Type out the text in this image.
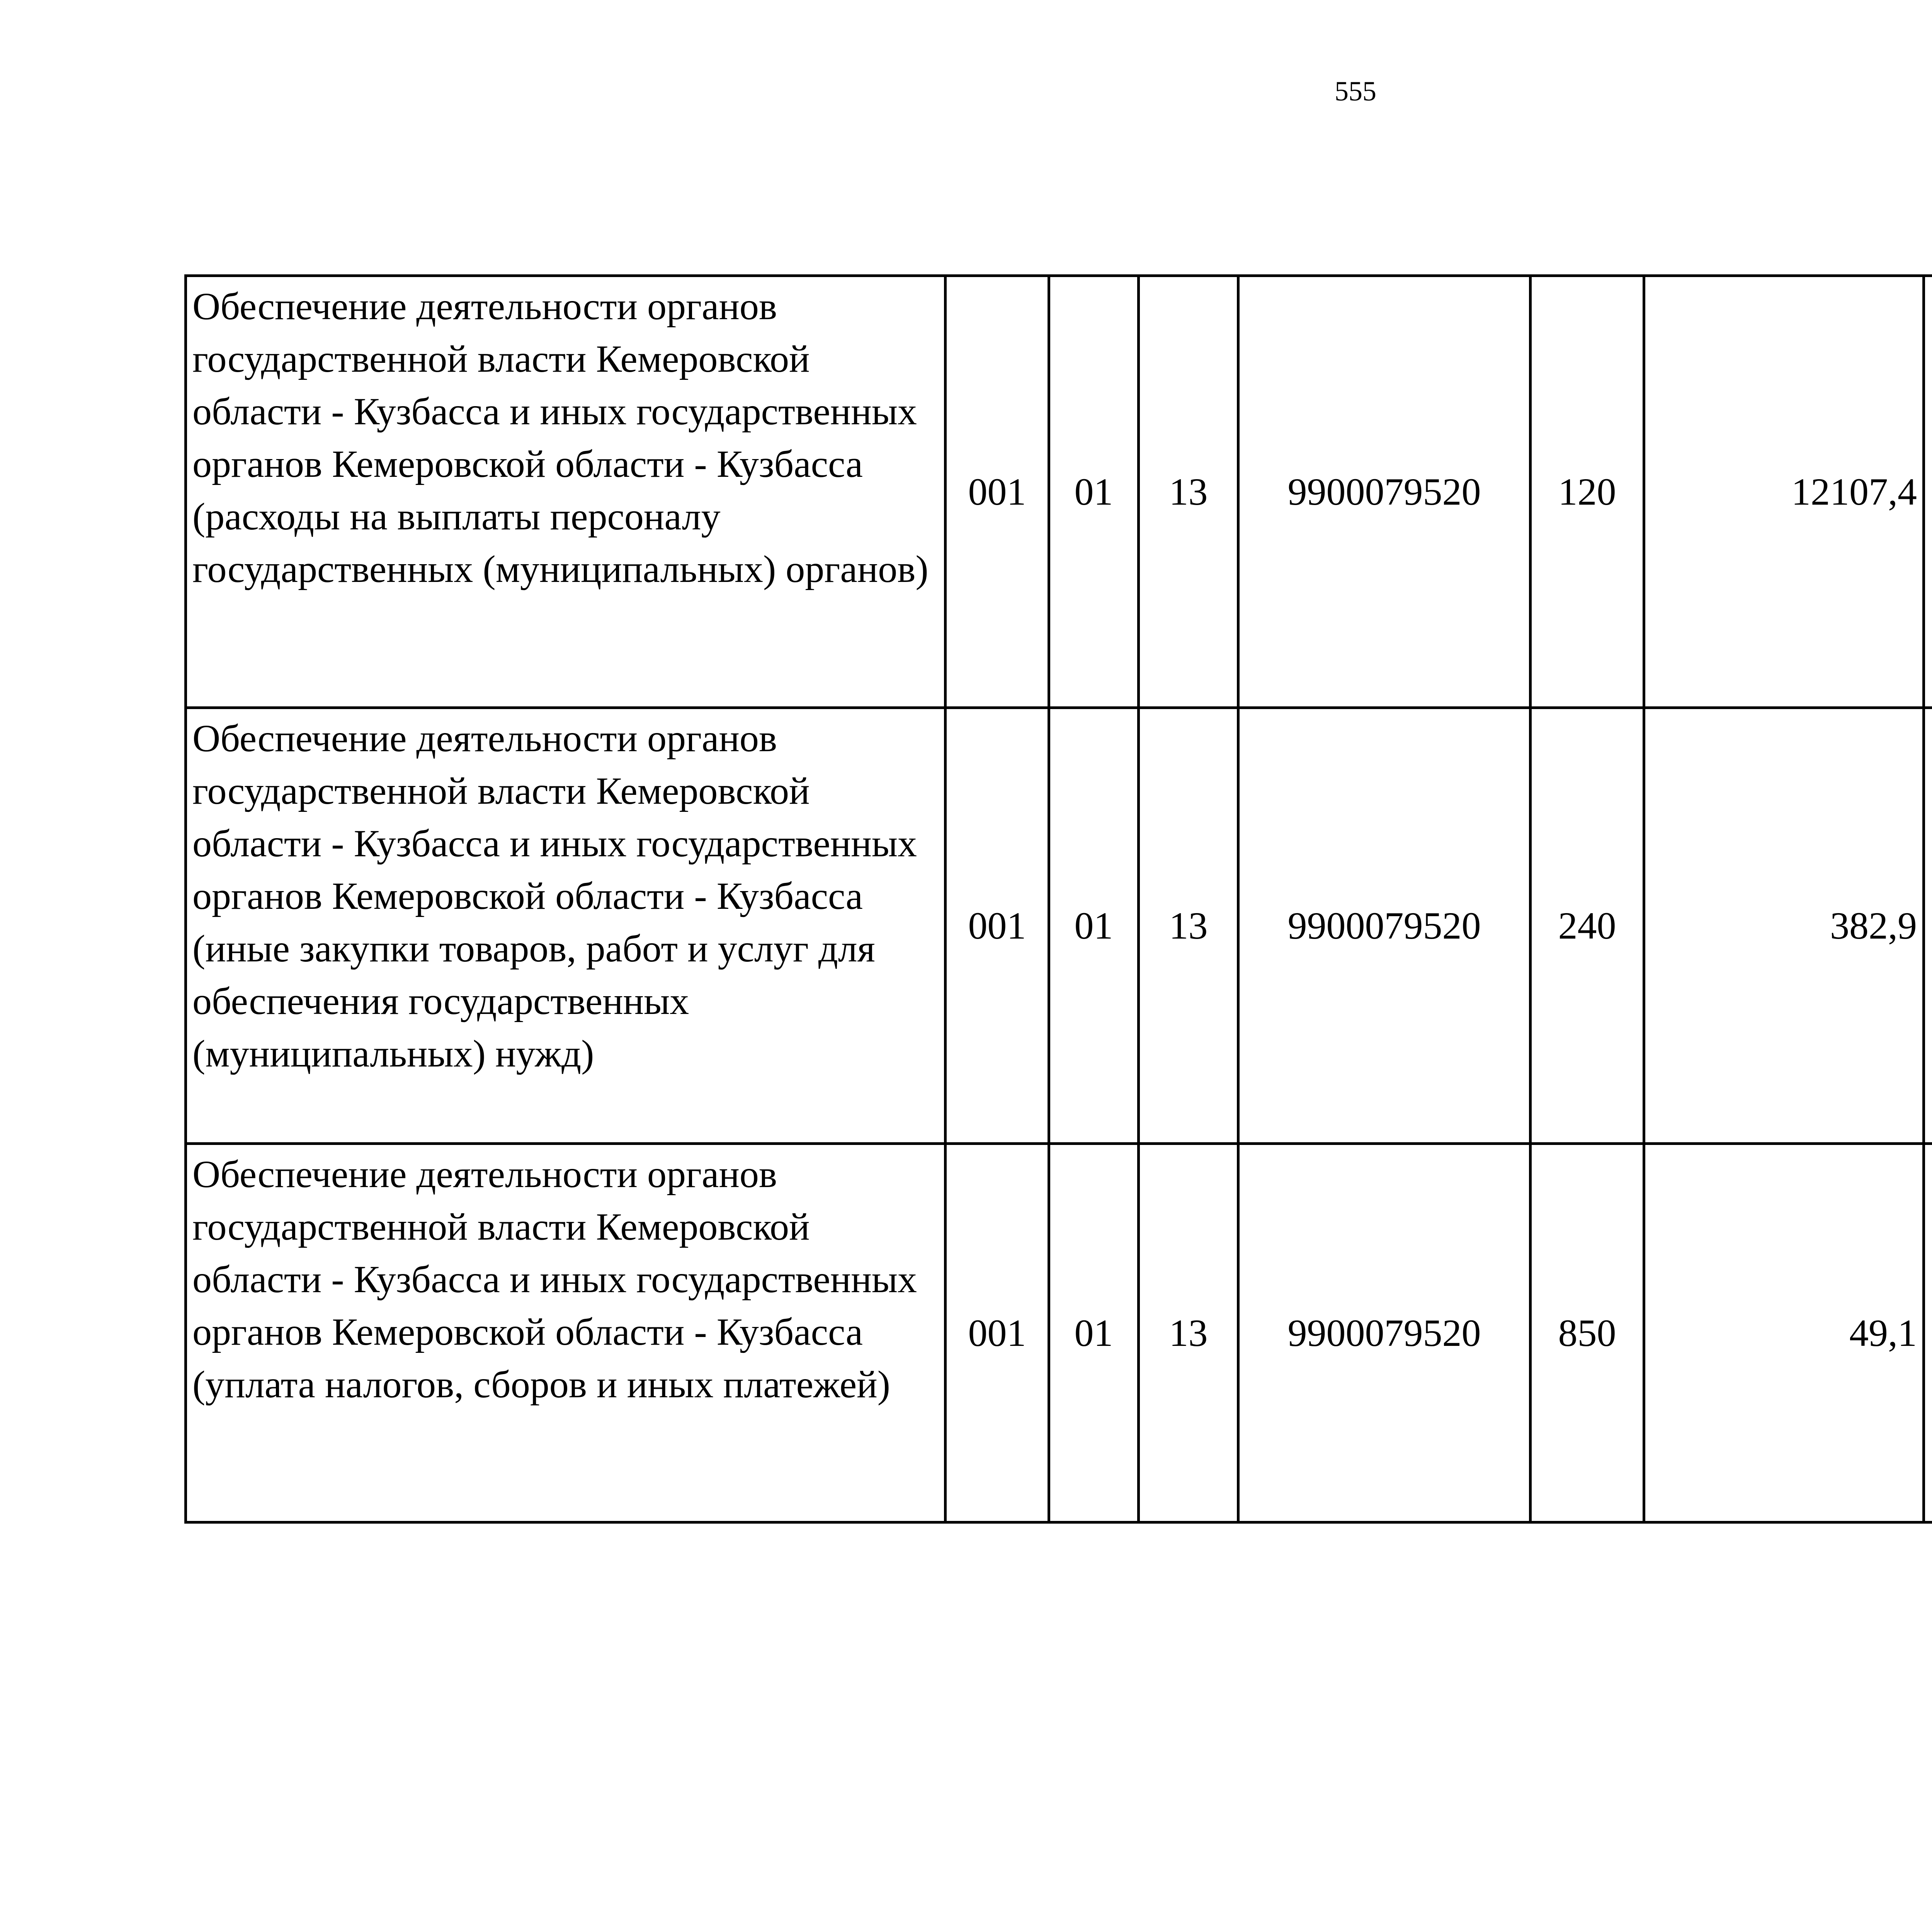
555
Обеспечение деятельности органов государственной власти Кемеровской области - Кузбасса и иных государственных органов Кемеровской области - Кузбасса (расходы на выплаты персоналу государственных (муниципальных) органов)	001	01	13	9900079520	120	12107,4		
Обеспечение деятельности органов государственной власти Кемеровской области - Кузбасса и иных государственных органов Кемеровской области - Кузбасса (иные закупки товаров, работ и услуг для обеспечения государственных (муниципальных) нужд)	001	01	13	9900079520	240	382,9		
Обеспечение деятельности органов государственной власти Кемеровской области - Кузбасса и иных государственных органов Кемеровской области - Кузбасса (уплата налогов, сборов и иных платежей)	001	01	13	9900079520	850	49,1		
